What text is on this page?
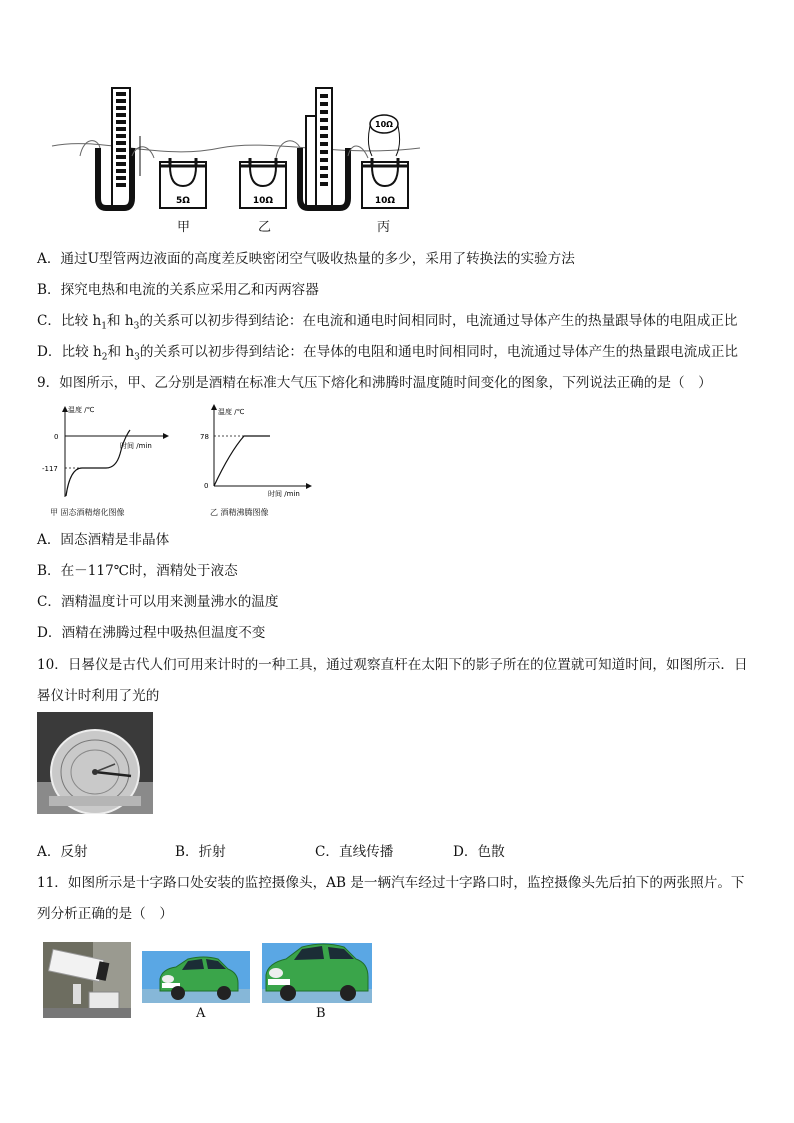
5Ω	10Ω
10Ω
10Ω
甲	乙	丙
A．通过U型管两边液面的高度差反映密闭空气吸收热量的多少，采用了转换法的实验方法
B．探究电热和电流的关系应采用乙和丙两容器
C．比较 $h_1$和 $h_3$的关系可以初步得到结论：在电流和通电时间相同时，电流通过导体产生的热量跟导体的电阻成正比
D．比较 $h_2$和 $h_3$的关系可以初步得到结论：在导体的电阻和通电时间相同时，电流通过导体产生的热量跟电流成正比
9．如图所示，甲、乙分别是酒精在标准大气压下熔化和沸腾时温度随时间变化的图象，下列说法正确的是（　）
温度 /℃
时间 /min
0
-117
甲 固态酒精熔化图像
温度 /℃
时间 /min
0
78
乙 酒精沸腾图像
A．固态酒精是非晶体
B．在－117℃时，酒精处于液态
C．酒精温度计可以用来测量沸水的温度
D．酒精在沸腾过程中吸热但温度不变
10．日晷仪是古代人们可用来计时的一种工具，通过观察直杆在太阳下的影子所在的位置就可知道时间，如图所示．日
晷仪计时利用了光的
A．反射	B．折射	C．直线传播	D．色散
11．如图所示是十字路口处安装的监控摄像头，AB 是一辆汽车经过十字路口时，监控摄像头先后拍下的两张照片。下
列分析正确的是（　）
A	B
